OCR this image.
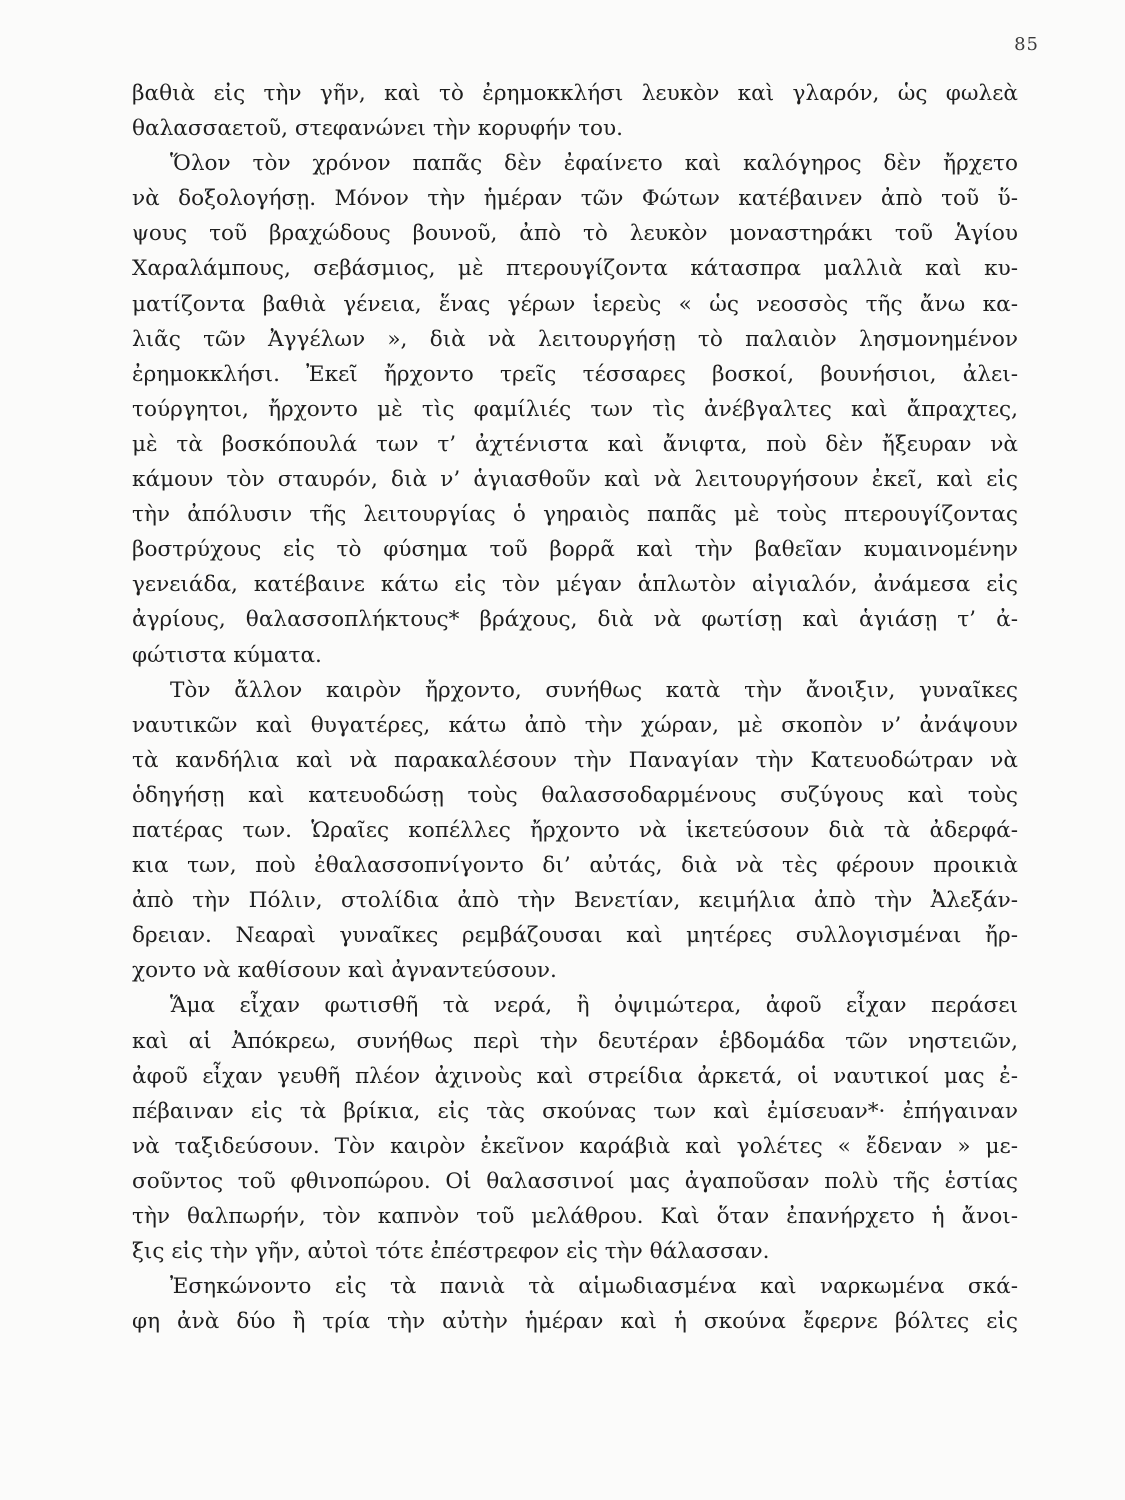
85
βαθιὰ εἰς τὴν γῆν, καὶ τὸ ἐρημοκκλήσι λευκὸν καὶ γλαρόν, ὡς φωλεὰ
θαλασσαετοῦ, στεφανώνει τὴν κορυφήν του.
Ὅλον τὸν χρόνον παπᾶς δὲν ἐφαίνετο καὶ καλόγηρος δὲν ἤρχετο
νὰ δοξολογήσῃ. Μόνον τὴν ἡμέραν τῶν Φώτων κατέβαινεν ἀπὸ τοῦ ὕ-
ψους τοῦ βραχώδους βουνοῦ, ἀπὸ τὸ λευκὸν μοναστηράκι τοῦ Ἁγίου
Χαραλάμπους, σεβάσμιος, μὲ πτερουγίζοντα κάτασπρα μαλλιὰ καὶ κυ-
ματίζοντα βαθιὰ γένεια, ἕνας γέρων ἱερεὺς « ὡς νεοσσὸς τῆς ἄνω κα-
λιᾶς τῶν Ἀγγέλων », διὰ νὰ λειτουργήσῃ τὸ παλαιὸν λησμονημένον
ἐρημοκκλήσι. Ἐκεῖ ἤρχοντο τρεῖς τέσσαρες βοσκοί, βουνήσιοι, ἀλει-
τούργητοι, ἤρχοντο μὲ τὶς φαμίλιές των τὶς ἀνέβγαλτες καὶ ἄπραχτες,
μὲ τὰ βοσκόπουλά των τ’ ἀχτένιστα καὶ ἄνιφτα, ποὺ δὲν ἤξευραν νὰ
κάμουν τὸν σταυρόν, διὰ ν’ ἁγιασθοῦν καὶ νὰ λειτουργήσουν ἐκεῖ, καὶ εἰς
τὴν ἀπόλυσιν τῆς λειτουργίας ὁ γηραιὸς παπᾶς μὲ τοὺς πτερουγίζοντας
βοστρύχους εἰς τὸ φύσημα τοῦ βορρᾶ καὶ τὴν βαθεῖαν κυμαινομένην
γενειάδα, κατέβαινε κάτω εἰς τὸν μέγαν ἁπλωτὸν αἰγιαλόν, ἀνάμεσα εἰς
ἀγρίους, θαλασσοπλήκτους* βράχους, διὰ νὰ φωτίσῃ καὶ ἁγιάσῃ τ’ ἀ-
φώτιστα κύματα.
Τὸν ἄλλον καιρὸν ἤρχοντο, συνήθως κατὰ τὴν ἄνοιξιν, γυναῖκες
ναυτικῶν καὶ θυγατέρες, κάτω ἀπὸ τὴν χώραν, μὲ σκοπὸν ν’ ἀνάψουν
τὰ κανδήλια καὶ νὰ παρακαλέσουν τὴν Παναγίαν τὴν Κατευοδώτραν νὰ
ὁδηγήσῃ καὶ κατευοδώσῃ τοὺς θαλασσοδαρμένους συζύγους καὶ τοὺς
πατέρας των. Ὡραῖες κοπέλλες ἤρχοντο νὰ ἱκετεύσουν διὰ τὰ ἀδερφά-
κια των, ποὺ ἐθαλασσοπνίγοντο δι’ αὐτάς, διὰ νὰ τὲς φέρουν προικιὰ
ἀπὸ τὴν Πόλιν, στολίδια ἀπὸ τὴν Βενετίαν, κειμήλια ἀπὸ τὴν Ἀλεξάν-
δρειαν. Νεαραὶ γυναῖκες ρεμβάζουσαι καὶ μητέρες συλλογισμέναι ἤρ-
χοντο νὰ καθίσουν καὶ ἀγναντεύσουν.
Ἅμα εἶχαν φωτισθῆ τὰ νερά, ἢ ὀψιμώτερα, ἀφοῦ εἶχαν περάσει
καὶ αἱ Ἀπόκρεω, συνήθως περὶ τὴν δευτέραν ἑβδομάδα τῶν νηστειῶν,
ἀφοῦ εἶχαν γευθῆ πλέον ἀχινοὺς καὶ στρείδια ἀρκετά, οἱ ναυτικοί μας ἐ-
πέβαιναν εἰς τὰ βρίκια, εἰς τὰς σκούνας των καὶ ἐμίσευαν*· ἐπήγαιναν
νὰ ταξιδεύσουν. Τὸν καιρὸν ἐκεῖνον καράβιὰ καὶ γολέτες « ἔδεναν » με-
σοῦντος τοῦ φθινοπώρου. Οἱ θαλασσινοί μας ἀγαποῦσαν πολὺ τῆς ἑστίας
τὴν θαλπωρήν, τὸν καπνὸν τοῦ μελάθρου. Καὶ ὅταν ἐπανήρχετο ἡ ἄνοι-
ξις εἰς τὴν γῆν, αὐτοὶ τότε ἐπέστρεφον εἰς τὴν θάλασσαν.
Ἐσηκώνοντο εἰς τὰ πανιὰ τὰ αἱμωδιασμένα καὶ ναρκωμένα σκά-
φη ἀνὰ δύο ἢ τρία τὴν αὐτὴν ἡμέραν καὶ ἡ σκούνα ἔφερνε βόλτες εἰς
